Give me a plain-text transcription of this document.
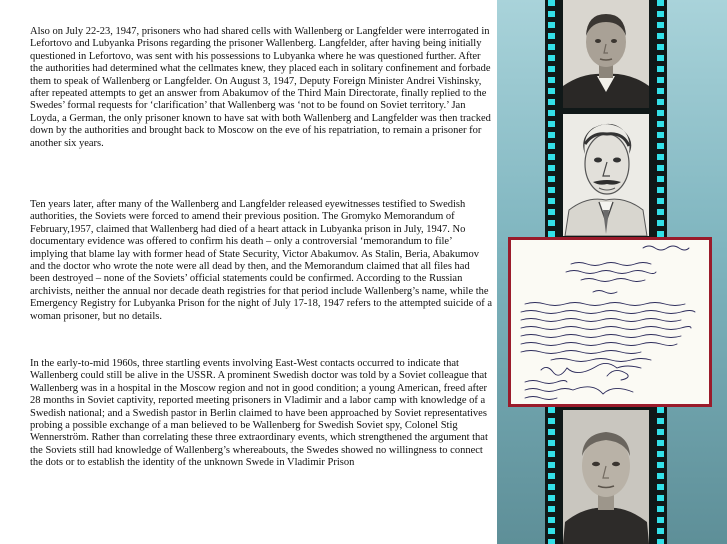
Also on July 22-23, 1947, prisoners who had shared cells with Wallenberg or Langfelder were interrogated in Lefortovo and Lubyanka Prisons regarding the prisoner Wallenberg. Langfelder, after having being initially questioned in Lefortovo, was sent with his possessions to Lubyanka where he was questioned further. After the authorities had determined what the cellmates knew, they placed each in solitary confinement and forbade them to speak of Wallenberg or Langfelder. On August 3, 1947, Deputy Foreign Minister Andrei Vishinsky, after repeated attempts to get an answer from Abakumov of the Third Main Directorate, finally replied to the Swedes’ formal requests for ‘clarification’ that Wallenberg was ‘not to be found on Soviet territory.’ Jan Loyda, a German, the only prisoner known to have sat with both Wallenberg and Langfelder was then tracked down by the authorities and brought back to Moscow on the eve of his repatriation, to remain a prisoner for another six years.

Ten years later, after many of the Wallenberg and Langfelder released eyewitnesses testified to Swedish authorities, the Soviets were forced to amend their previous position. The Gromyko Memorandum of February,1957, claimed that Wallenberg had died of a heart attack in Lubyanka prison in July, 1947. No documentary evidence was offered to confirm his death – only a controversial ‘memorandum to file’ implying that blame lay with former head of State Security, Victor Abakumov. As Stalin, Beria, Abakumov and the doctor who wrote the note were all dead by then, and the Memorandum claimed that all files had been destroyed – none of the Soviets’ official statements could be confirmed. According to the Russian archivists, neither the annual nor decade death registries for that period include Wallenberg’s name, while the Emergency Registry for Lubyanka Prison for the night of July 17-18, 1947 refers to the attempted suicide of a woman prisoner, but no details.

In the early-to-mid 1960s, three startling events involving East-West contacts occurred to indicate that Wallenberg could still be alive in the USSR. A prominent Swedish doctor was told by a Soviet colleague that Wallenberg was in a hospital in the Moscow region and not in good condition; a young American, freed after 28 months in Soviet captivity, reported meeting prisoners in Vladimir and a labor camp with knowledge of a Swedish national; and a Swedish pastor in Berlin claimed to have been approached by Soviet representatives probing a possible exchange of a man believed to be Wallenberg for Swedish Soviet spy, Colonel Stig Wennerström. Rather than correlating these three extraordinary events, which strengthened the argument that the Soviets still had knowledge of Wallenberg’s whereabouts, the Swedes showed no willingness to connect the dots or to establish the identity of the unknown Swede in Vladimir Prison
